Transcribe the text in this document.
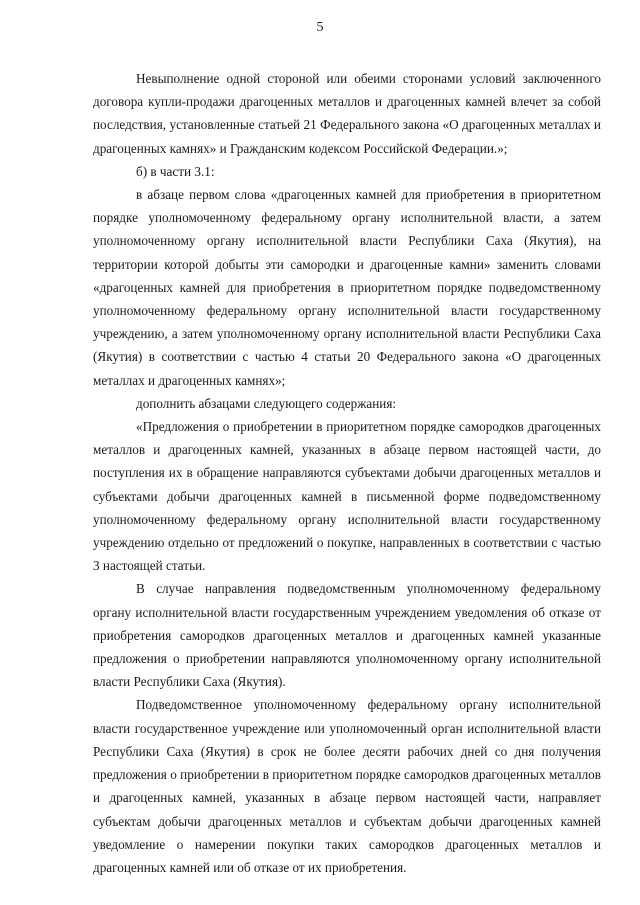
5

Невыполнение одной стороной или обеими сторонами условий заключенного договора купли-продажи драгоценных металлов и драгоценных камней влечет за собой последствия, установленные статьей 21 Федерального закона «О драгоценных металлах и драгоценных камнях» и Гражданским кодексом Российской Федерации.»;

б) в части 3.1:

в абзаце первом слова «драгоценных камней для приобретения в приоритетном порядке уполномоченному федеральному органу исполнительной власти, а затем уполномоченному органу исполнительной власти Республики Саха (Якутия), на территории которой добыты эти самородки и драгоценные камни» заменить словами «драгоценных камней для приобретения в приоритетном порядке подведомственному уполномоченному федеральному органу исполнительной власти государственному учреждению, а затем уполномоченному органу исполнительной власти Республики Саха (Якутия) в соответствии с частью 4 статьи 20 Федерального закона «О драгоценных металлах и драгоценных камнях»;

дополнить абзацами следующего содержания:

«Предложения о приобретении в приоритетном порядке самородков драгоценных металлов и драгоценных камней, указанных в абзаце первом настоящей части, до поступления их в обращение направляются субъектами добычи драгоценных металлов и субъектами добычи драгоценных камней в письменной форме подведомственному уполномоченному федеральному органу исполнительной власти государственному учреждению отдельно от предложений о покупке, направленных в соответствии с частью 3 настоящей статьи.

В случае направления подведомственным уполномоченному федеральному органу исполнительной власти государственным учреждением уведомления об отказе от приобретения самородков драгоценных металлов и драгоценных камней указанные предложения о приобретении направляются уполномоченному органу исполнительной власти Республики Саха (Якутия).

Подведомственное уполномоченному федеральному органу исполнительной власти государственное учреждение или уполномоченный орган исполнительной власти Республики Саха (Якутия) в срок не более десяти рабочих дней со дня получения предложения о приобретении в приоритетном порядке самородков драгоценных металлов и драгоценных камней, указанных в абзаце первом настоящей части, направляет субъектам добычи драгоценных металлов и субъектам добычи драгоценных камней уведомление о намерении покупки таких самородков драгоценных металлов и драгоценных камней или об отказе от их приобретения.
